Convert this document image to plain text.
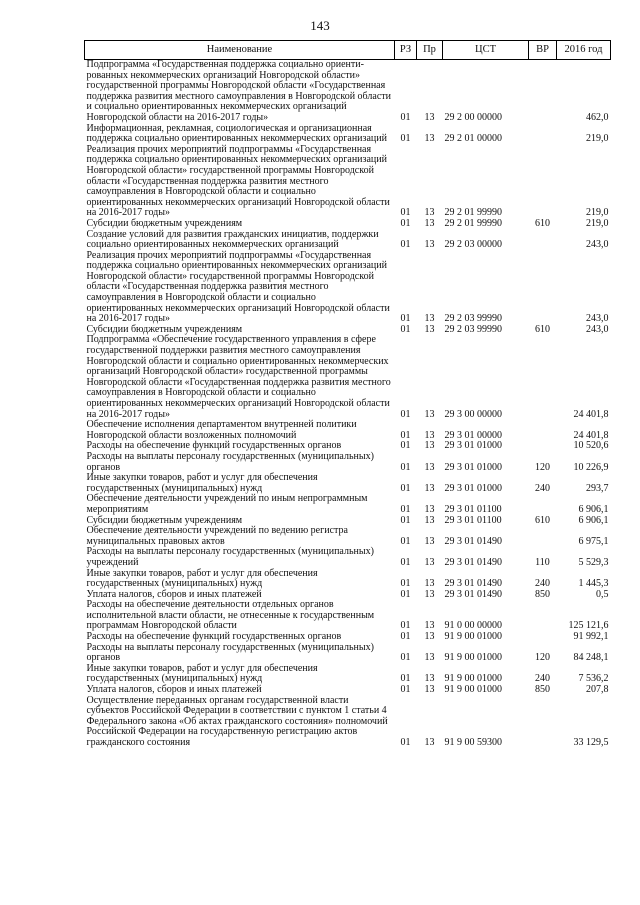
143
Наименование	РЗ	Пр	ЦСТ	ВР	2016 год
Подпрограмма «Государственная поддержка социально ориенти-рованных некоммерческих организаций Новгородской области» государственной программы Новгородской области «Государственная поддержка развития местного самоуправления в Новгородской области и социально ориентированных некоммерческих организаций Новгородской области на 2016-2017 годы»	01	13	29 2 00 00000		462,0
Информационная, рекламная, социологическая и организационная поддержка социально ориентированных некоммерческих организаций	01	13	29 2 01 00000		219,0
Реализация прочих мероприятий подпрограммы «Государственная поддержка социально ориентированных некоммерческих организаций Новгородской области» государственной программы Новгородской области «Государственная поддержка развития местного самоуправления в Новгородской области и социально ориентированных некоммерческих организаций Новгородской области на 2016-2017 годы»	01	13	29 2 01 99990		219,0
Субсидии бюджетным учреждениям	01	13	29 2 01 99990	610	219,0
Создание условий для развития гражданских инициатив, поддержки социально ориентированных некоммерческих организаций	01	13	29 2 03 00000		243,0
Реализация прочих мероприятий подпрограммы «Государственная поддержка социально ориентированных некоммерческих организаций Новгородской области» государственной программы Новгородской области «Государственная поддержка развития местного самоуправления в Новгородской области и социально ориентированных некоммерческих организаций Новгородской области на 2016-2017 годы»	01	13	29 2 03 99990		243,0
Субсидии бюджетным учреждениям	01	13	29 2 03 99990	610	243,0
Подпрограмма «Обеспечение государственного управления в сфере государственной поддержки развития местного самоуправления Новгородской области и социально ориентированных некоммерческих организаций Новгородской области» государственной программы Новгородской области «Государственная поддержка развития местного самоуправления в Новгородской области и социально ориентированных некоммерческих организаций Новгородской области на 2016-2017 годы»	01	13	29 3 00 00000		24 401,8
Обеспечение исполнения департаментом внутренней политики Новгородской области возложенных полномочий	01	13	29 3 01 00000		24 401,8
Расходы на обеспечение функций государственных органов	01	13	29 3 01 01000		10 520,6
Расходы на выплаты персоналу государственных (муниципальных) органов	01	13	29 3 01 01000	120	10 226,9
Иные закупки товаров, работ и услуг для обеспечения государственных (муниципальных) нужд	01	13	29 3 01 01000	240	293,7
Обеспечение деятельности учреждений по иным непрограммным мероприятиям	01	13	29 3 01 01100		6 906,1
Субсидии бюджетным учреждениям	01	13	29 3 01 01100	610	6 906,1
Обеспечение деятельности учреждений по ведению регистра муниципальных правовых актов	01	13	29 3 01 01490		6 975,1
Расходы на выплаты персоналу государственных (муниципальных) учреждений	01	13	29 3 01 01490	110	5 529,3
Иные закупки товаров, работ и услуг для обеспечения государственных (муниципальных) нужд	01	13	29 3 01 01490	240	1 445,3
Уплата налогов, сборов и иных платежей	01	13	29 3 01 01490	850	0,5
Расходы на обеспечение деятельности отдельных органов исполнительной власти области, не отнесенные к государственным программам Новгородской области	01	13	91 0 00 00000		125 121,6
Расходы на обеспечение функций государственных органов	01	13	91 9 00 01000		91 992,1
Расходы на выплаты персоналу государственных (муниципальных) органов	01	13	91 9 00 01000	120	84 248,1
Иные закупки товаров, работ и услуг для обеспечения государственных (муниципальных) нужд	01	13	91 9 00 01000	240	7 536,2
Уплата налогов, сборов и иных платежей	01	13	91 9 00 01000	850	207,8
Осуществление переданных органам государственной власти субъектов Российской Федерации в соответствии с пунктом 1 статьи 4 Федерального закона «Об актах гражданского состояния» полномочий Российской Федерации на государственную регистрацию актов гражданского состояния	01	13	91 9 00 59300		33 129,5
